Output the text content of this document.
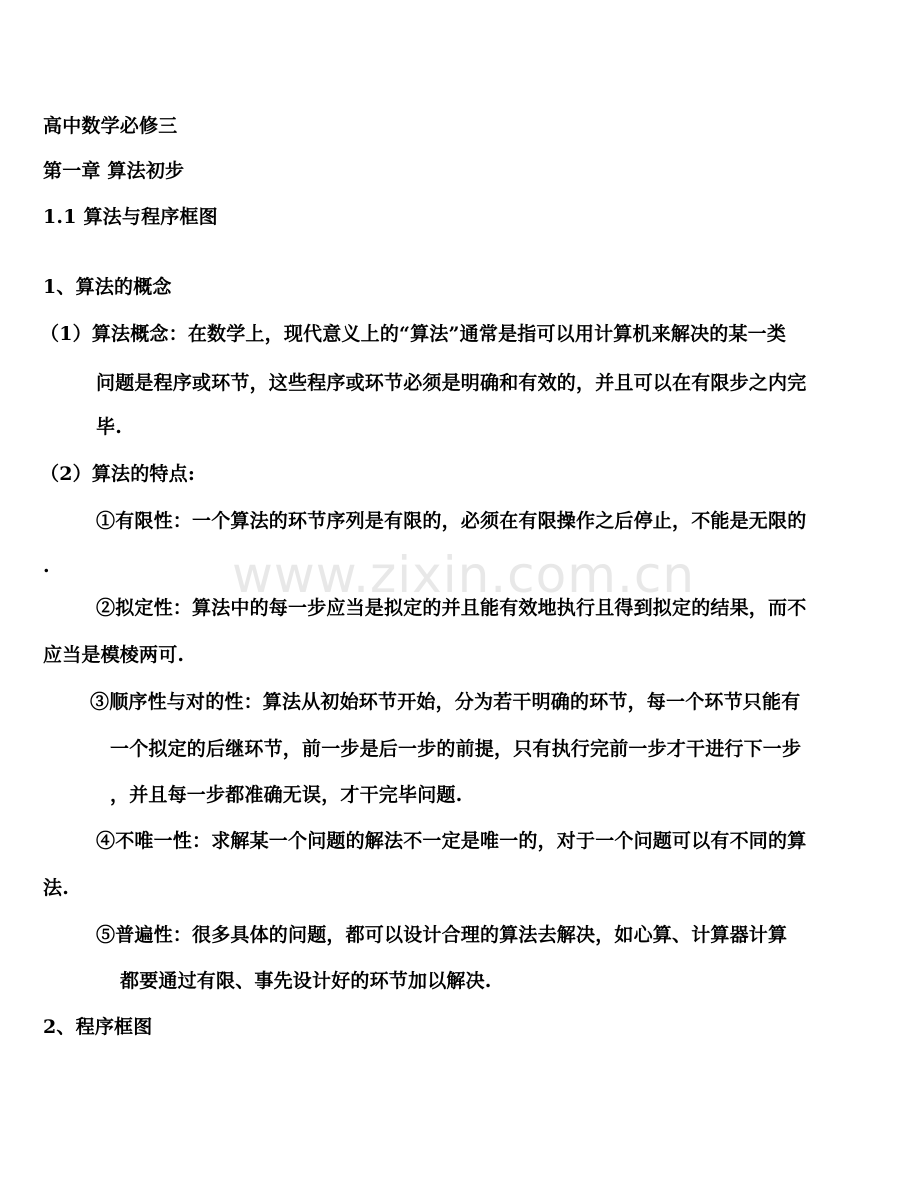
高中数学必修三
第一章 算法初步
1.1 算法与程序框图
1、算法的概念
（1）算法概念：在数学上，现代意义上的“算法”通常是指可以用计算机来解决的某一类
问题是程序或环节，这些程序或环节必须是明确和有效的，并且可以在有限步之内完
毕.
（2）算法的特点:
①有限性：一个算法的环节序列是有限的，必须在有限操作之后停止，不能是无限的
.
②拟定性：算法中的每一步应当是拟定的并且能有效地执行且得到拟定的结果，而不
应当是模棱两可.
③顺序性与对的性：算法从初始环节开始，分为若干明确的环节，每一个环节只能有
一个拟定的后继环节，前一步是后一步的前提，只有执行完前一步才干进行下一步
，并且每一步都准确无误，才干完毕问题.
④不唯一性：求解某一个问题的解法不一定是唯一的，对于一个问题可以有不同的算
法.
⑤普遍性：很多具体的问题，都可以设计合理的算法去解决，如心算、计算器计算
都要通过有限、事先设计好的环节加以解决.
2、程序框图
www.zixin.com.cn
